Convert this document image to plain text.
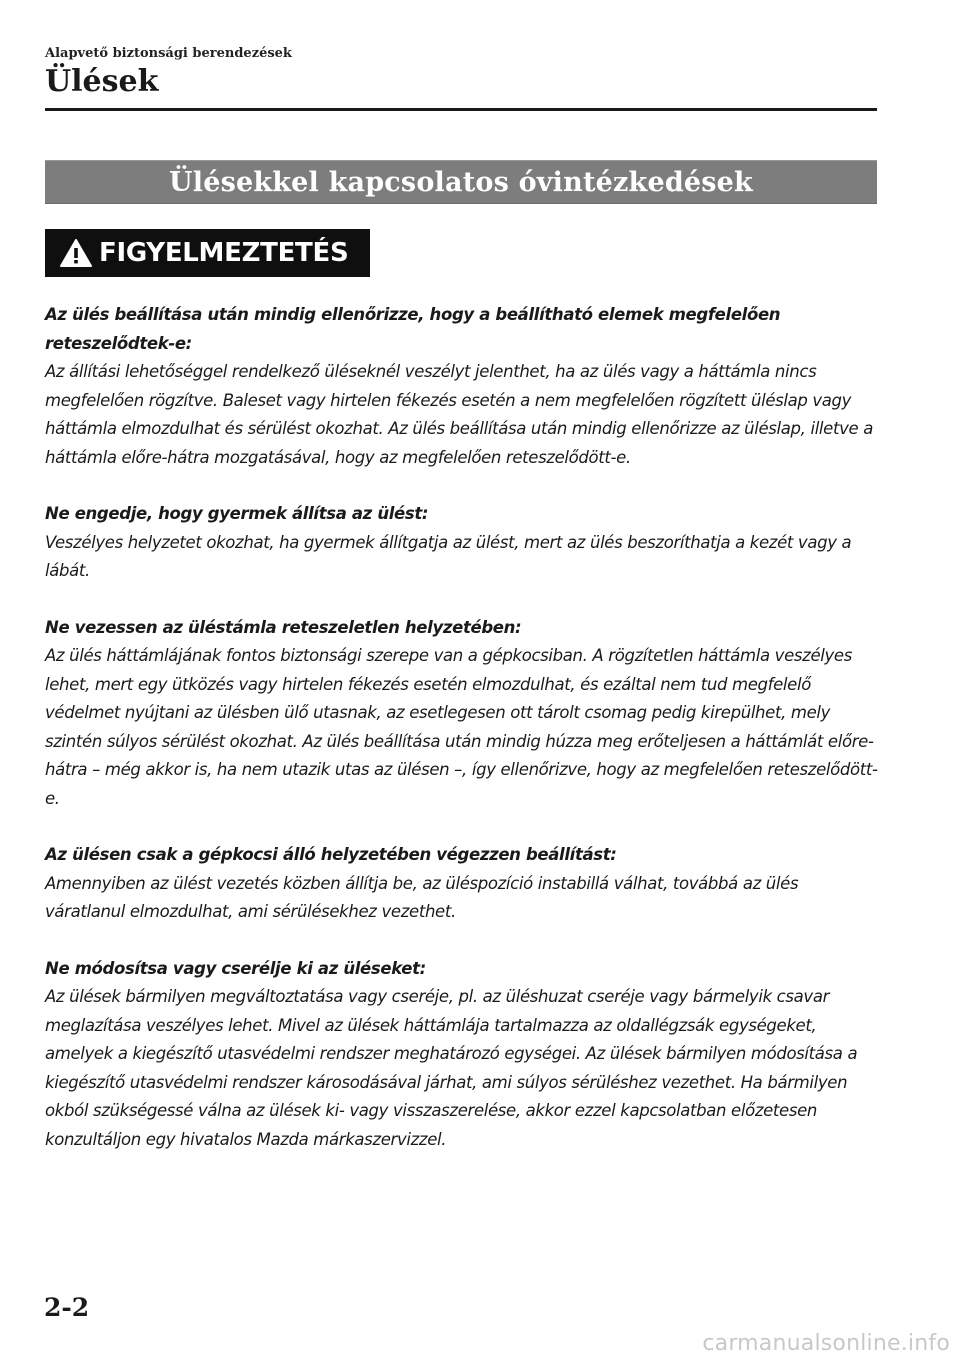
Alapvető biztonsági berendezések
Ülések
Ülésekkel kapcsolatos óvintézkedések
FIGYELMEZTETÉS

Az ülés beállítása után mindig ellenőrizze, hogy a beállítható elemek megfelelően reteszelődtek-e:

Az állítási lehetőséggel rendelkező üléseknél veszélyt jelenthet, ha az ülés vagy a háttámla nincs megfelelően rögzítve. Baleset vagy hirtelen fékezés esetén a nem megfelelően rögzített üléslap vagy háttámla elmozdulhat és sérülést okozhat. Az ülés beállítása után mindig ellenőrizze az üléslap, illetve a háttámla előre-hátra mozgatásával, hogy az megfelelően reteszelődött-e.

Ne engedje, hogy gyermek állítsa az ülést:

Veszélyes helyzetet okozhat, ha gyermek állítgatja az ülést, mert az ülés beszoríthatja a kezét vagy a lábát.

Ne vezessen az üléstámla reteszeletlen helyzetében:

Az ülés háttámlájának fontos biztonsági szerepe van a gépkocsiban. A rögzítetlen háttámla veszélyes lehet, mert egy ütközés vagy hirtelen fékezés esetén elmozdulhat, és ezáltal nem tud megfelelő védelmet nyújtani az ülésben ülő utasnak, az esetlegesen ott tárolt csomag pedig kirepülhet, mely szintén súlyos sérülést okozhat. Az ülés beállítása után mindig húzza meg erőteljesen a háttámlát előre-hátra – még akkor is, ha nem utazik utas az ülésen –, így ellenőrizve, hogy az megfelelően reteszelődött-e.

Az ülésen csak a gépkocsi álló helyzetében végezzen beállítást:

Amennyiben az ülést vezetés közben állítja be, az üléspozíció instabillá válhat, továbbá az ülés váratlanul elmozdulhat, ami sérülésekhez vezethet.

Ne módosítsa vagy cserélje ki az üléseket:

Az ülések bármilyen megváltoztatása vagy cseréje, pl. az üléshuzat cseréje vagy bármelyik csavar meglazítása veszélyes lehet. Mivel az ülések háttámlája tartalmazza az oldallégzsák egységeket, amelyek a kiegészítő utasvédelmi rendszer meghatározó egységei. Az ülések bármilyen módosítása a kiegészítő utasvédelmi rendszer károsodásával járhat, ami súlyos sérüléshez vezethet. Ha bármilyen okból szükségessé válna az ülések ki- vagy visszaszerelése, akkor ezzel kapcsolatban előzetesen konzultáljon egy hivatalos Mazda márkaszervizzel.

2-2
carmanualsonline.info
